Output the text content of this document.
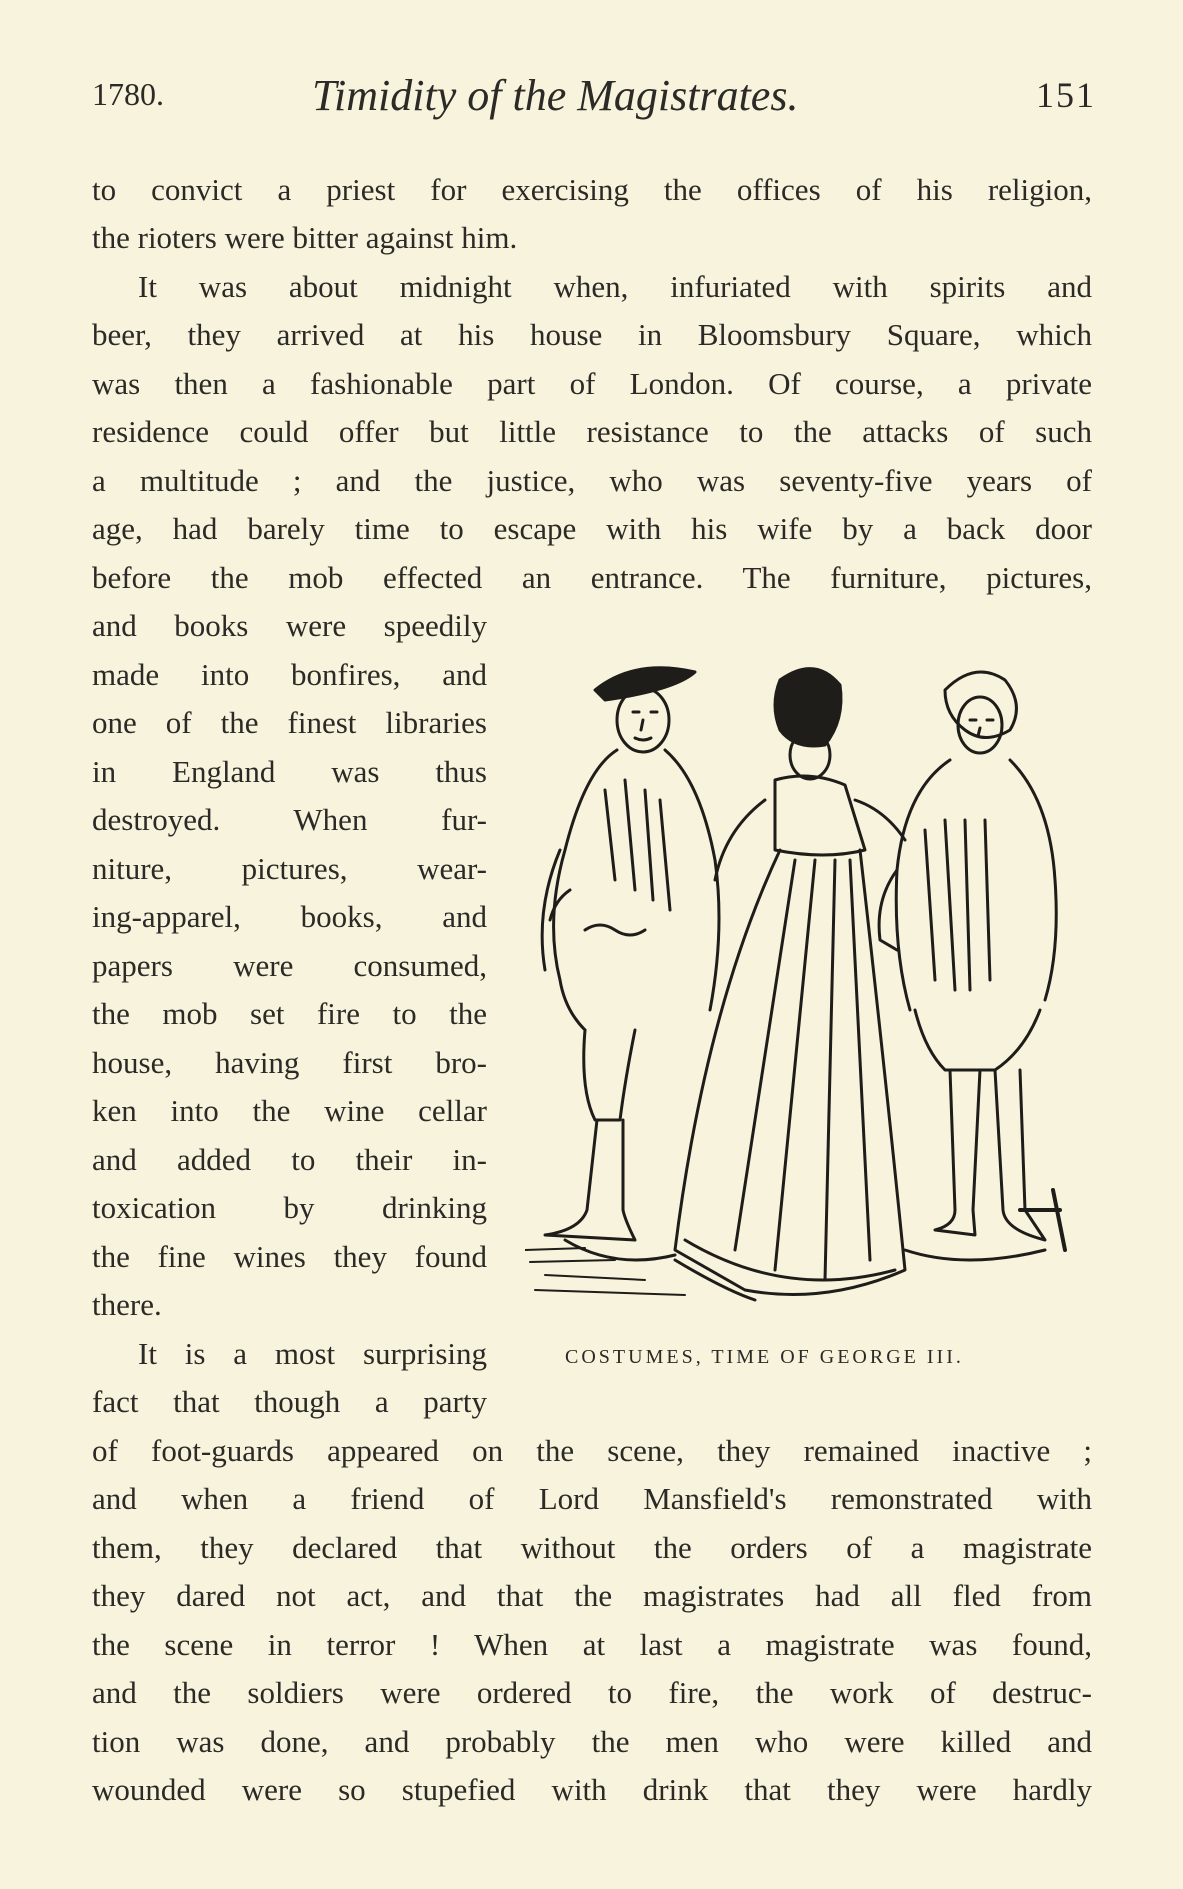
1780.	Timidity of the Magistrates.	151
to convict a priest for exercising the offices of his religion,
the rioters were bitter against him.
It was about midnight when, infuriated with spirits and
beer, they arrived at his house in Bloomsbury Square, which
was then a fashionable part of London. Of course, a private
residence could offer but little resistance to the attacks of such
a multitude ; and the justice, who was seventy-five years of
age, had barely time to escape with his wife by a back door
before the mob effected an entrance. The furniture, pictures,
and books were speedily
made into bonfires, and
one of the finest libraries
in England was thus
destroyed. When fur-
niture, pictures, wear-
ing-apparel, books, and
papers were consumed,
the mob set fire to the
house, having first bro-
ken into the wine cellar
and added to their in-
toxication by drinking
the fine wines they found
there.
It is a most surprising
fact that though a party
COSTUMES, TIME OF GEORGE III.
of foot-guards appeared on the scene, they remained inactive ;
and when a friend of Lord Mansfield's remonstrated with
them, they declared that without the orders of a magistrate
they dared not act, and that the magistrates had all fled from
the scene in terror ! When at last a magistrate was found,
and the soldiers were ordered to fire, the work of destruc-
tion was done, and probably the men who were killed and
wounded were so stupefied with drink that they were hardly
